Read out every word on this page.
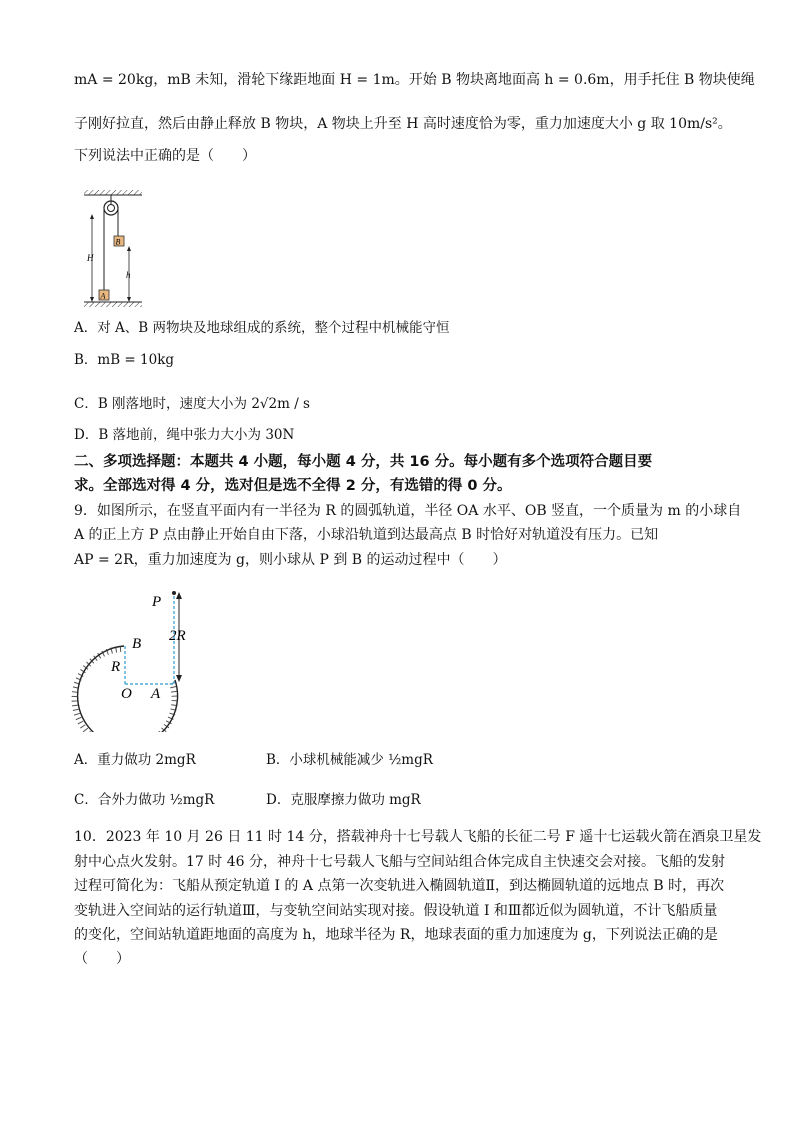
mA = 20kg，mB 未知，滑轮下缘距地面 H = 1m。开始 B 物块离地面高 h = 0.6m，用手托住 B 物块使绳
子刚好拉直，然后由静止释放 B 物块，A 物块上升至 H 高时速度恰为零，重力加速度大小 g 取 10m/s²。
下列说法中正确的是（　　）
B
A
H
h
A．对 A、B 两物块及地球组成的系统，整个过程中机械能守恒
B．mB = 10kg
C．B 刚落地时，速度大小为 2√2m / s
D．B 落地前，绳中张力大小为 30N
二、多项选择题：本题共 4 小题，每小题 4 分，共 16 分。每小题有多个选项符合题目要
求。全部选对得 4 分，选对但是选不全得 2 分，有选错的得 0 分。
9．如图所示，在竖直平面内有一半径为 R 的圆弧轨道，半径 OA 水平、OB 竖直，一个质量为 m 的小球自
A 的正上方 P 点由静止开始自由下落，小球沿轨道到达最高点 B 时恰好对轨道没有压力。已知
AP = 2R，重力加速度为 g，则小球从 P 到 B 的运动过程中（　　）
P
2R
B
R
O A
A．重力做功 2mgR	B．小球机械能减少 ½mgR
C．合外力做功 ½mgR	D．克服摩擦力做功 mgR
10．2023 年 10 月 26 日 11 时 14 分，搭载神舟十七号载人飞船的长征二号 F 遥十七运载火箭在酒泉卫星发
射中心点火发射。17 时 46 分，神舟十七号载人飞船与空间站组合体完成自主快速交会对接。飞船的发射
过程可简化为：飞船从预定轨道 I 的 A 点第一次变轨进入椭圆轨道Ⅱ，到达椭圆轨道的远地点 B 时，再次
变轨进入空间站的运行轨道Ⅲ，与变轨空间站实现对接。假设轨道 I 和Ⅲ都近似为圆轨道，不计飞船质量
的变化，空间站轨道距地面的高度为 h，地球半径为 R，地球表面的重力加速度为 g，下列说法正确的是
（　　）
